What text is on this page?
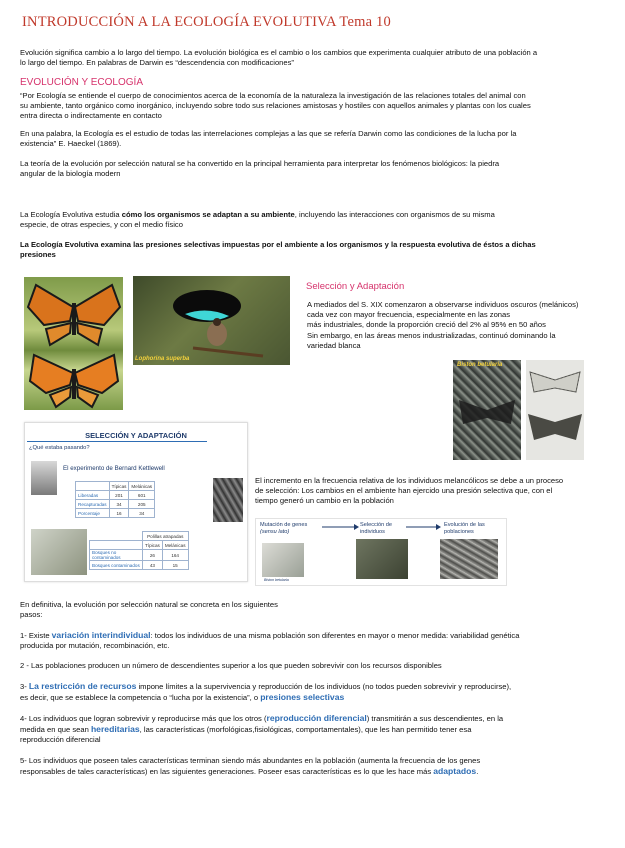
INTRODUCCIÓN A LA ECOLOGÍA EVOLUTIVA Tema 10
Evolución significa cambio a lo largo del tiempo. La evolución biológica es el cambio o los cambios que experimenta cualquier atributo de una población a
lo largo del tiempo. En palabras de Darwin es “descendencia con modificaciones”
EVOLUCIÓN Y ECOLOGÍA
“Por Ecología se entiende el cuerpo de conocimientos acerca de la economía de la naturaleza la investigación de las relaciones totales del animal con
su ambiente, tanto orgánico como inorgánico, incluyendo sobre todo sus relaciones amistosas y hostiles con aquellos animales y plantas con los cuales
entra directa o indirectamente en contacto
En una palabra, la Ecología es el estudio de todas las interrelaciones complejas a las que se refería Darwin como las condiciones de la lucha por la
existencia” E. Haeckel (1869).
La teoría de la evolución por selección natural se ha convertido en la principal herramienta para interpretar los fenómenos biológicos: la piedra
angular de la biología modern
La Ecología Evolutiva estudia cómo los organismos se adaptan a su ambiente, incluyendo las interacciones con organismos de su misma
especie, de otras especies, y con el medio físico
La Ecología Evolutiva examina las presiones selectivas impuestas por el ambiente a los organismos y la respuesta evolutiva de éstos a dichas
presiones
Lophorina superba
Selección y Adaptación
A mediados del S. XIX comenzaron a observarse individuos oscuros (melánicos)
cada vez con mayor frecuencia, especialmente en las zonas
más industriales, donde la proporción creció del 2% al 95% en 50 años
Sin embargo, en las áreas menos industrializadas, continuó dominando la
variedad blanca
Biston betularia
SELECCIÓN Y ADAPTACIÓN
¿Qué estaba pasando?
El experimento de Bernard Kettlewell
	Típicas	Melánicas
Liberadas	201	601
Recapturadas	34	205
Porcentaje	16	34
	Polillas atrapadas	
	Típicas	Melánicas
Bosques no contaminados	26	164
Bosques contaminados	43	15
El incremento en la frecuencia relativa de los individuos melancólicos se debe a un proceso
de selección: Los cambios en el ambiente han ejercido una presión selectiva que, con el
tiempo generó un cambio en la población
Mutación de genes
(sensu lato)
Selección de
individuos
Evolución de las
poblaciones
Biston betularia
En definitiva, la evolución por selección natural se concreta en los siguientes
pasos:
1- Existe variación interindividual: todos los individuos de una misma población son diferentes en mayor o menor medida: variabilidad genética
producida por mutación, recombinación, etc.
2 - Las poblaciones producen un número de descendientes superior a los que pueden sobrevivir con los recursos disponibles
3- La restricción de recursos impone límites a la supervivencia y reproducción de los individuos (no todos pueden sobrevivir y reproducirse),
es decir, que se establece la competencia o “lucha por la existencia”, o presiones selectivas
4- Los individuos que logran sobrevivir y reproducirse más que los otros (reproducción diferencial) transmitirán a sus descendientes, en la
medida en que sean hereditarias, las características (morfológicas,fisiológicas, comportamentales), que les han permitido tener esa
reproducción diferencial
5- Los individuos que poseen tales características terminan siendo más abundantes en la población (aumenta la frecuencia de los genes
responsables de tales características) en las siguientes generaciones. Poseer esas características es lo que les hace más adaptados.
